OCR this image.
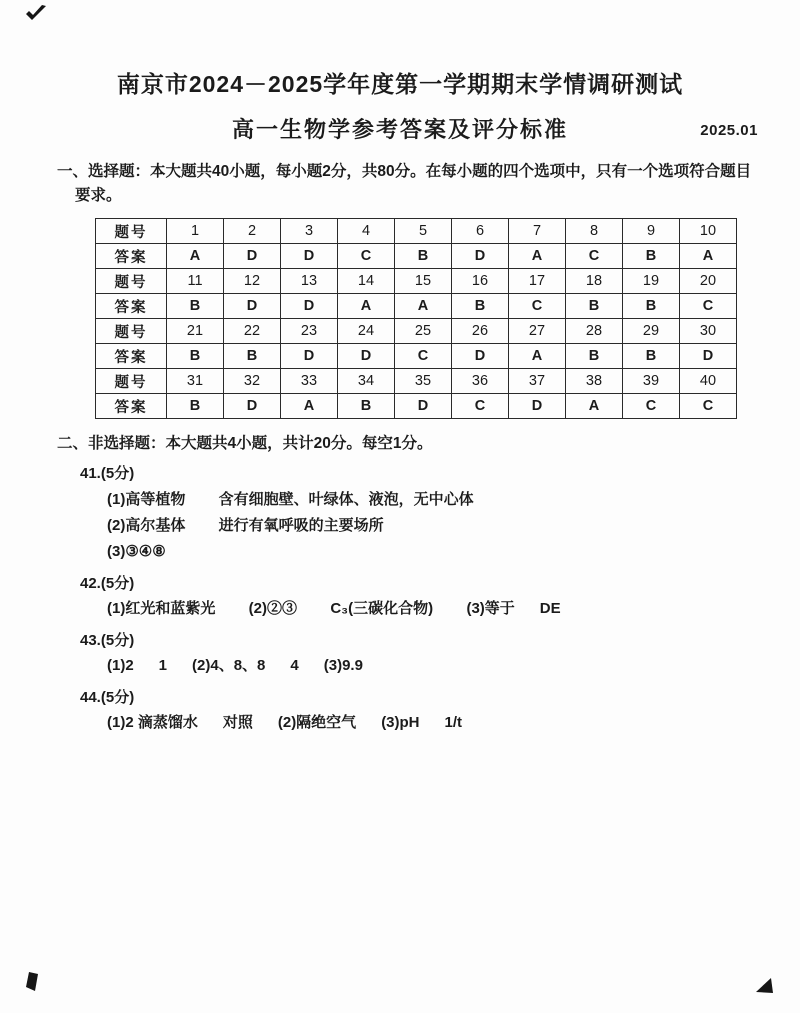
南京市2024－2025学年度第一学期期末学情调研测试
高一生物学参考答案及评分标准	2025.01
一、选择题：本大题共40小题，每小题2分，共80分。在每小题的四个选项中，只有一个选项符合题目要求。
题号	1	2	3	4	5	6	7	8	9	10
答案	A	D	D	C	B	D	A	C	B	A
题号	11	12	13	14	15	16	17	18	19	20
答案	B	D	D	A	A	B	C	B	B	C
题号	21	22	23	24	25	26	27	28	29	30
答案	B	B	D	D	C	D	A	B	B	D
题号	31	32	33	34	35	36	37	38	39	40
答案	B	D	A	B	D	C	D	A	C	C
二、非选择题：本大题共4小题，共计20分。每空1分。
41.(5分)
(1)高等植物        含有细胞壁、叶绿体、液泡，无中心体
(2)高尔基体        进行有氧呼吸的主要场所
(3)③④⑧
42.(5分)
(1)红光和蓝紫光        (2)②③        C₃(三碳化合物)        (3)等于      DE
43.(5分)
(1)2      1      (2)4、8、8      4      (3)9.9
44.(5分)
(1)2 滴蒸馏水      对照      (2)隔绝空气      (3)pH      1/t
